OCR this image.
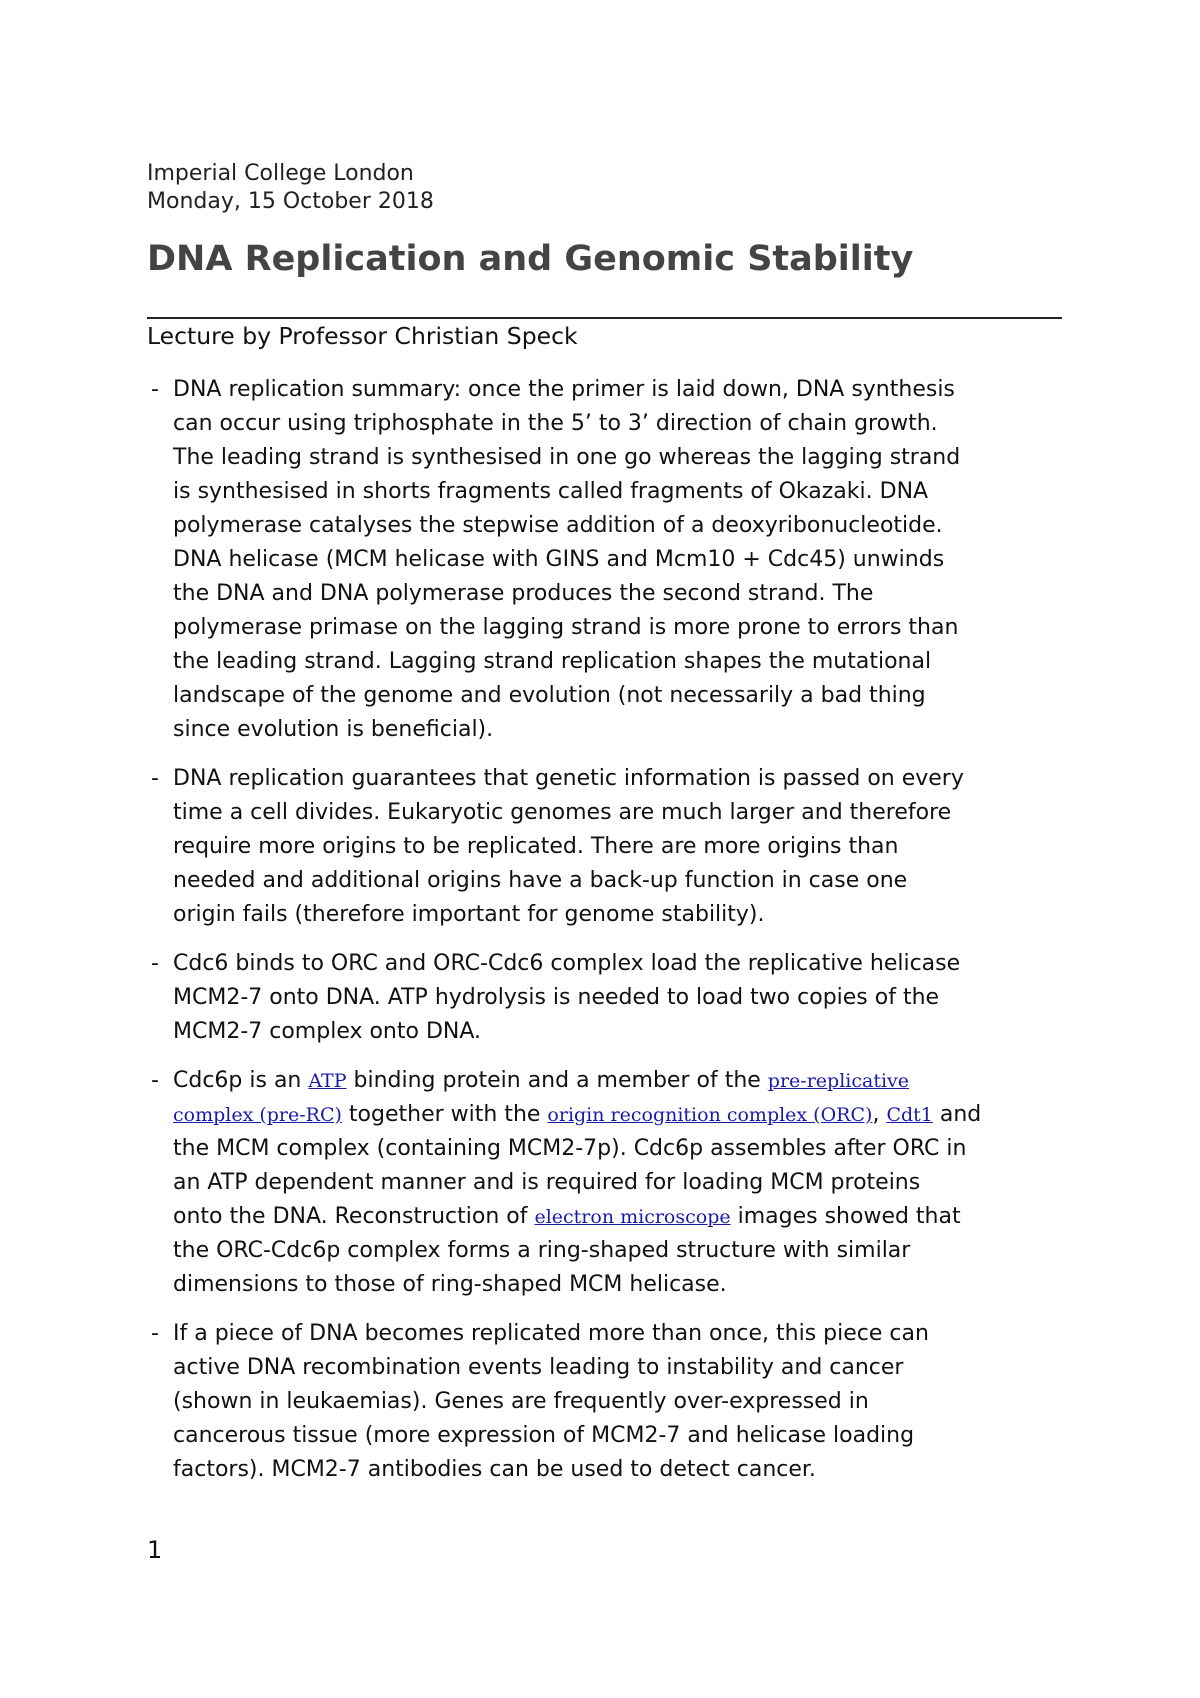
Imperial College London
Monday, 15 October 2018
DNA Replication and Genomic Stability
Lecture by Professor Christian Speck
- DNA replication summary: once the primer is laid down, DNA synthesis
can occur using triphosphate in the 5’ to 3’ direction of chain growth.
The leading strand is synthesised in one go whereas the lagging strand
is synthesised in shorts fragments called fragments of Okazaki. DNA
polymerase catalyses the stepwise addition of a deoxyribonucleotide.
DNA helicase (MCM helicase with GINS and Mcm10 + Cdc45) unwinds
the DNA and DNA polymerase produces the second strand. The
polymerase primase on the lagging strand is more prone to errors than
the leading strand. Lagging strand replication shapes the mutational
landscape of the genome and evolution (not necessarily a bad thing
since evolution is beneficial).
- DNA replication guarantees that genetic information is passed on every
time a cell divides. Eukaryotic genomes are much larger and therefore
require more origins to be replicated. There are more origins than
needed and additional origins have a back-up function in case one
origin fails (therefore important for genome stability).
- Cdc6 binds to ORC and ORC-Cdc6 complex load the replicative helicase
MCM2-7 onto DNA. ATP hydrolysis is needed to load two copies of the
MCM2-7 complex onto DNA.
- Cdc6p is an ATP binding protein and a member of the pre-replicative
complex (pre-RC) together with the origin recognition complex (ORC), Cdt1 and
the MCM complex (containing MCM2-7p). Cdc6p assembles after ORC in
an ATP dependent manner and is required for loading MCM proteins
onto the DNA. Reconstruction of electron microscope images showed that
the ORC-Cdc6p complex forms a ring-shaped structure with similar
dimensions to those of ring-shaped MCM helicase.
- If a piece of DNA becomes replicated more than once, this piece can
active DNA recombination events leading to instability and cancer
(shown in leukaemias). Genes are frequently over-expressed in
cancerous tissue (more expression of MCM2-7 and helicase loading
factors). MCM2-7 antibodies can be used to detect cancer.
1
